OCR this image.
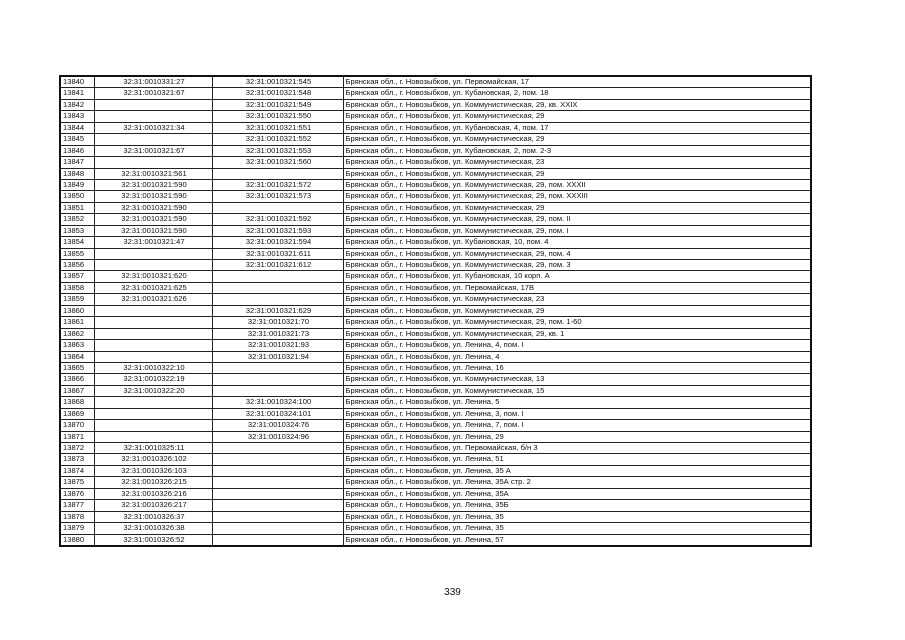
13840	32:31:0010331:27	32:31:0010321:545	Брянская обл., г. Новозыбков, ул. Первомайская, 17
13841	32:31:0010321:67	32:31:0010321:548	Брянская обл., г. Новозыбков, ул. Кубановская, 2, пом. 18
13842		32:31:0010321:549	Брянская обл., г. Новозыбков, ул. Коммунистическая, 29, кв. XXIX
13843		32:31:0010321:550	Брянская обл., г. Новозыбков, ул. Коммунистическая, 29
13844	32:31:0010321:34	32:31:0010321:551	Брянская обл., г. Новозыбков, ул. Кубановская, 4, пом. 17
13845		32:31:0010321:552	Брянская обл., г. Новозыбков, ул. Коммунистическая, 29
13846	32:31:0010321:67	32:31:0010321:553	Брянская обл., г. Новозыбков, ул. Кубановская, 2, пом. 2-3
13847		32:31:0010321:560	Брянская обл., г. Новозыбков, ул. Коммунистическая, 23
13848	32:31:0010321:561		Брянская обл., г. Новозыбков, ул. Коммунистическая, 29
13849	32:31:0010321:590	32:31:0010321:572	Брянская обл., г. Новозыбков, ул. Коммунистическая, 29, пом. XXXII
13850	32:31:0010321:590	32:31:0010321:573	Брянская обл., г. Новозыбков, ул. Коммунистическая, 29, пом. XXXIII
13851	32:31:0010321:590		Брянская обл., г. Новозыбков, ул. Коммунистическая, 29
13852	32:31:0010321:590	32:31:0010321:592	Брянская обл., г. Новозыбков, ул. Коммунистическая, 29, пом. II
13853	32:31:0010321:590	32:31:0010321:593	Брянская обл., г. Новозыбков, ул. Коммунистическая, 29, пом. I
13854	32:31:0010321:47	32:31:0010321:594	Брянская обл., г. Новозыбков, ул. Кубановская, 10, пом. 4
13855		32:31:0010321:611	Брянская обл., г. Новозыбков, ул. Коммунистическая, 29, пом. 4
13856		32:31:0010321:612	Брянская обл., г. Новозыбков, ул. Коммунистическая, 29, пом. 3
13857	32:31:0010321:620		Брянская обл., г. Новозыбков, ул. Кубановская, 10 корп. А
13858	32:31:0010321:625		Брянская обл., г. Новозыбков, ул. Первомайская, 17В
13859	32:31:0010321:626		Брянская обл., г. Новозыбков, ул. Коммунистическая, 23
13860		32:31:0010321:629	Брянская обл., г. Новозыбков, ул. Коммунистическая, 29
13861		32:31:0010321:70	Брянская обл., г. Новозыбков, ул. Коммунистическая, 29, пом. 1-60
13862		32:31:0010321:73	Брянская обл., г. Новозыбков, ул. Коммунистическая, 29, кв. 1
13863		32:31:0010321:93	Брянская обл., г. Новозыбков, ул. Ленина, 4, пом. I
13864		32:31:0010321:94	Брянская обл., г. Новозыбков, ул. Ленина, 4
13865	32:31:0010322:10		Брянская обл., г. Новозыбков, ул. Ленина, 16
13866	32:31:0010322:19		Брянская обл., г. Новозыбков, ул. Коммунистическая, 13
13867	32:31:0010322:20		Брянская обл., г. Новозыбков, ул. Коммунистическая, 15
13868		32:31:0010324:100	Брянская обл., г. Новозыбков, ул. Ленина, 5
13869		32:31:0010324:101	Брянская обл., г. Новозыбков, ул. Ленина, 3, пом. I
13870		32:31:0010324:76	Брянская обл., г. Новозыбков, ул. Ленина, 7, пом. I
13871		32:31:0010324:96	Брянская обл., г. Новозыбков, ул. Ленина, 29
13872	32:31:0010325:11		Брянская обл., г. Новозыбков, ул. Первомайская, б/н 3
13873	32:31:0010326:102		Брянская обл., г. Новозыбков, ул. Ленина, 51
13874	32:31:0010326:103		Брянская обл., г. Новозыбков, ул. Ленина, 35 А
13875	32:31:0010326:215		Брянская обл., г. Новозыбков, ул. Ленина, 35А стр. 2
13876	32:31:0010326:216		Брянская обл., г. Новозыбков, ул. Ленина, 35А
13877	32:31:0010326:217		Брянская обл., г. Новозыбков, ул. Ленина, 35Б
13878	32:31:0010326:37		Брянская обл., г. Новозыбков, ул. Ленина, 35
13879	32:31:0010326:38		Брянская обл., г. Новозыбков, ул. Ленина, 35
13880	32:31:0010326:52		Брянская обл., г. Новозыбков, ул. Ленина, 57
339
